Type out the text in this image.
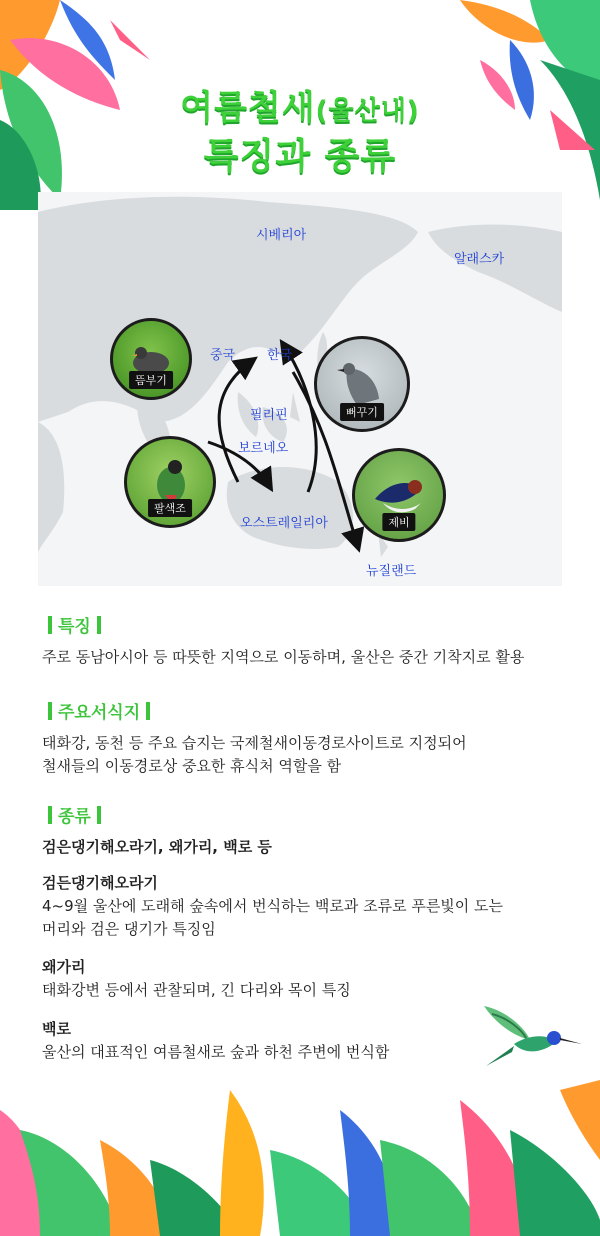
여름철새(울산내)
특징과 종류
시베리아
알래스카
중국 한국
필리핀
보르네오
오스트레일리아
뉴질랜드
뜸부기
뻐꾸기
팔색조
제비
특징
주로 동남아시아 등 따뜻한 지역으로 이동하며, 울산은 중간 기착지로 활용
주요서식지
태화강, 동천 등 주요 습지는 국제철새이동경로사이트로 지정되어
철새들의 이동경로상 중요한 휴식처 역할을 함
종류
검은댕기해오라기, 왜가리, 백로 등
검든댕기해오라기
4~9월 울산에 도래해 숲속에서 번식하는 백로과 조류로 푸른빛이 도는
머리와 검은 댕기가 특징임
왜가리
태화강변 등에서 관찰되며, 긴 다리와 목이 특징
백로
울산의 대표적인 여름철새로 숲과 하천 주변에 번식함
